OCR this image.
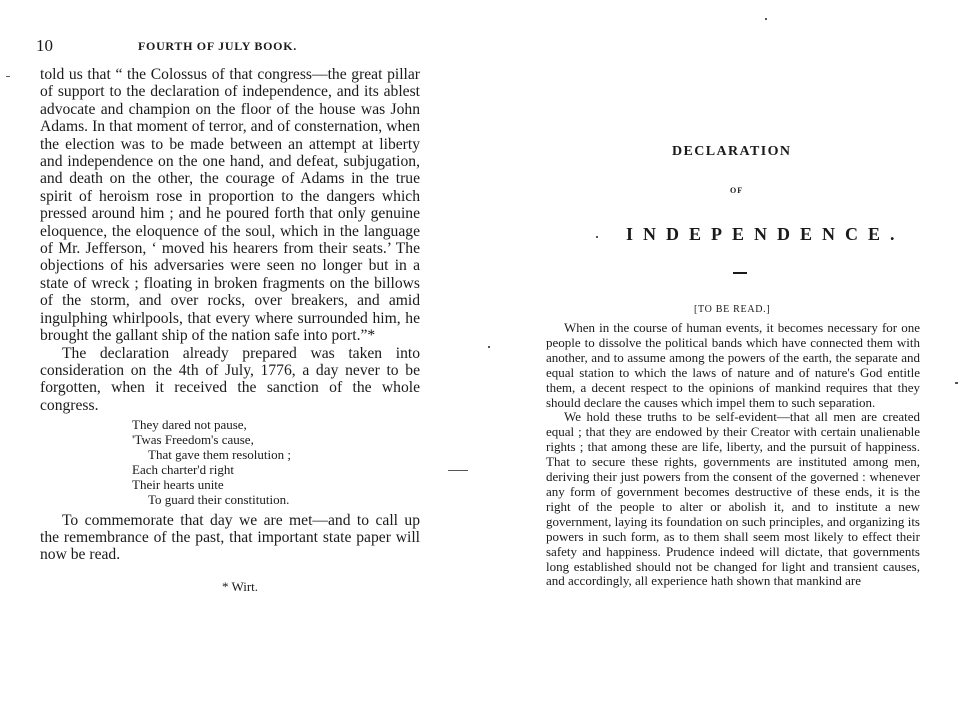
10	FOURTH OF JULY BOOK.

told us that “ the Colossus of that congress—the great pillar of support to the declaration of independence, and its ablest advocate and champion on the floor of the house was John Adams. In that moment of terror, and of consternation, when the election was to be made between an attempt at liberty and independence on the one hand, and defeat, subjugation, and death on the other, the courage of Adams in the true spirit of heroism rose in proportion to the dangers which pressed around him ; and he poured forth that only genuine eloquence, the eloquence of the soul, which in the language of Mr. Jefferson, ‘ moved his hearers from their seats.’ The objections of his adversaries were seen no longer but in a state of wreck ; floating in broken fragments on the billows of the storm, and over rocks, over breakers, and amid ingulphing whirlpools, that every where surrounded him, he brought the gallant ship of the nation safe into port.”*

The declaration already prepared was taken into consideration on the 4th of July, 1776, a day never to be forgotten, when it received the sanction of the whole congress.

They dared not pause,
'Twas Freedom's cause,
That gave them resolution ;
Each charter'd right
Their hearts unite
To guard their constitution.

To commemorate that day we are met—and to call up the remembrance of the past, that important state paper will now be read.

* Wirt.
DECLARATION
OF
INDEPENDENCE.
[TO BE READ.]

When in the course of human events, it becomes necessary for one people to dissolve the political bands which have connected them with another, and to assume among the powers of the earth, the separate and equal station to which the laws of nature and of nature's God entitle them, a decent respect to the opinions of mankind requires that they should declare the causes which impel them to such separation.

We hold these truths to be self-evident—that all men are created equal ; that they are endowed by their Creator with certain unalienable rights ; that among these are life, liberty, and the pursuit of happiness. That to secure these rights, governments are instituted among men, deriving their just powers from the consent of the governed : whenever any form of government becomes destructive of these ends, it is the right of the people to alter or abolish it, and to institute a new government, laying its foundation on such principles, and organizing its powers in such form, as to them shall seem most likely to effect their safety and happiness. Prudence indeed will dictate, that governments long established should not be changed for light and transient causes, and accordingly, all experience hath shown that mankind are
